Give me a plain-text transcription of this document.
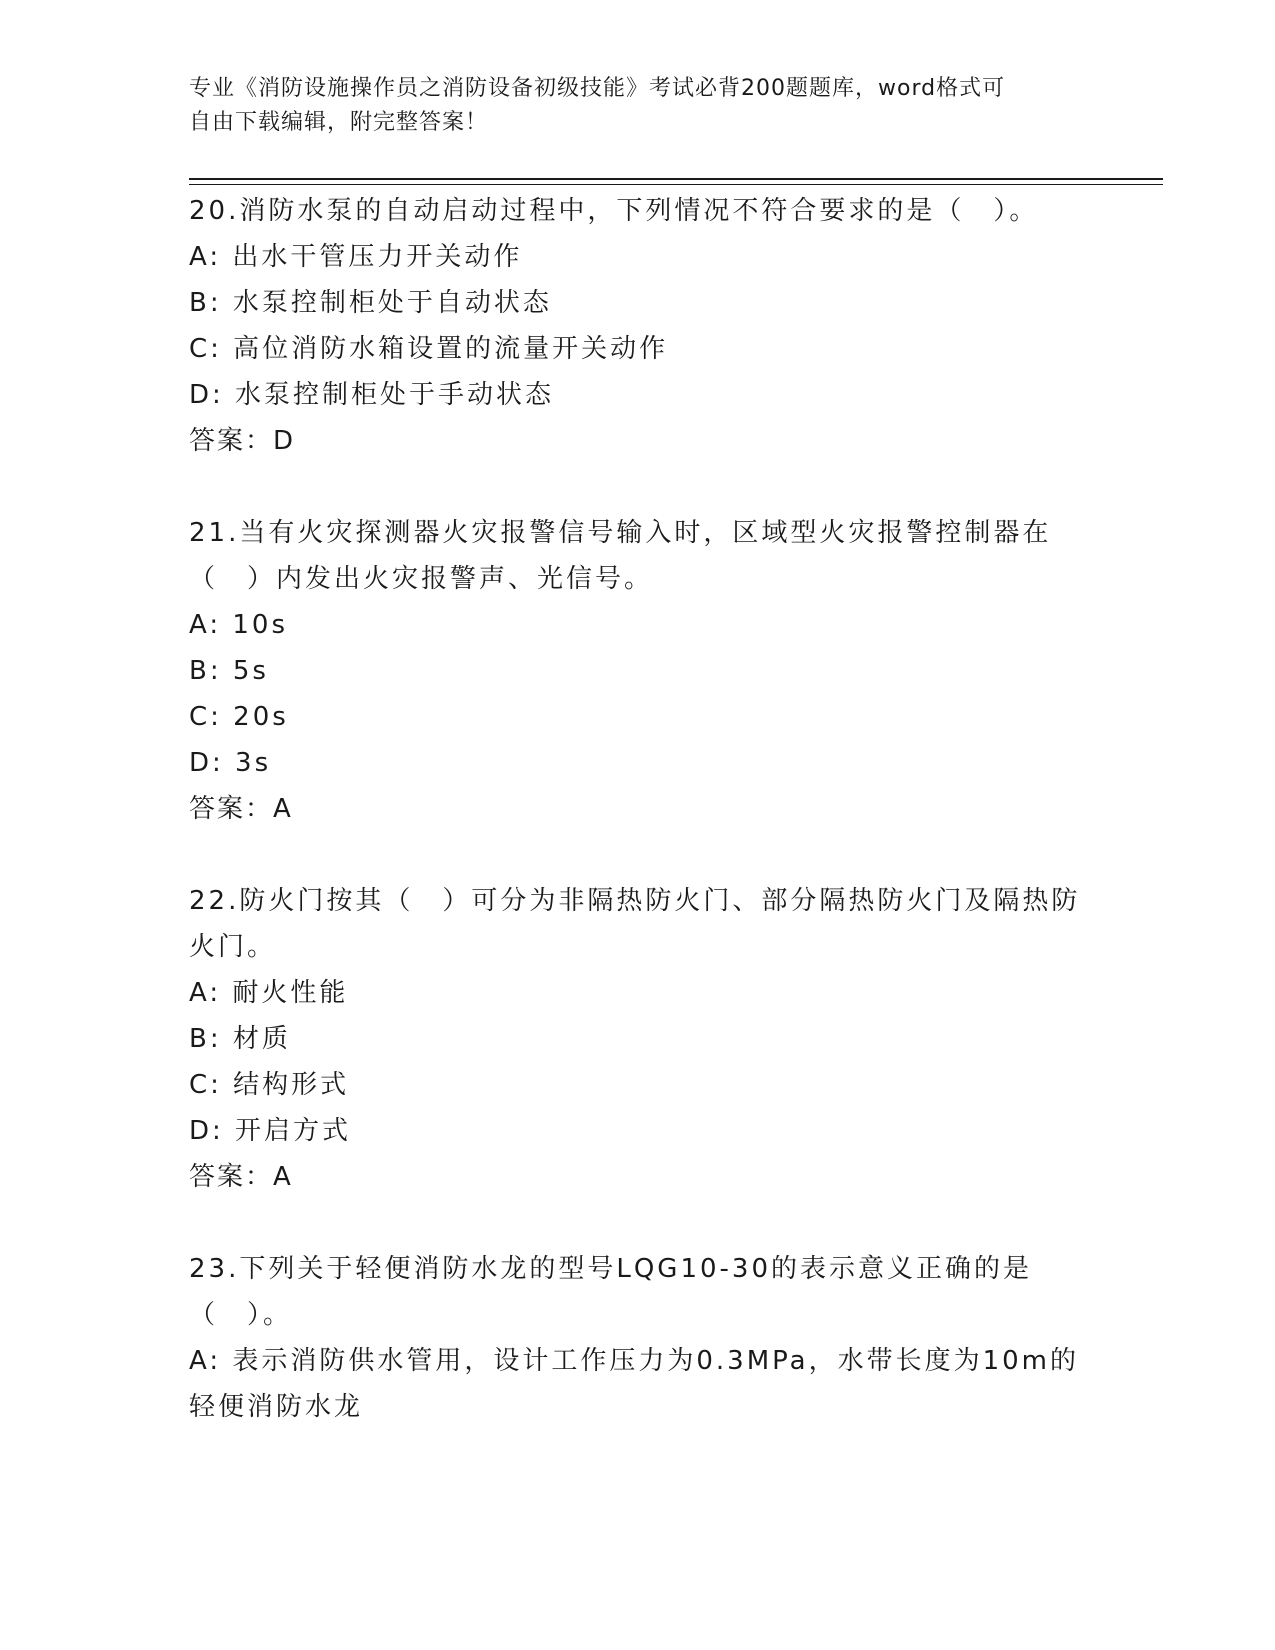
专业《消防设施操作员之消防设备初级技能》考试必背200题题库，word格式可
自由下载编辑，附完整答案！
20.消防水泵的自动启动过程中，下列情况不符合要求的是（　）。
A: 出水干管压力开关动作
B: 水泵控制柜处于自动状态
C: 高位消防水箱设置的流量开关动作
D: 水泵控制柜处于手动状态
答案：D
21.当有火灾探测器火灾报警信号输入时，区域型火灾报警控制器在（　）内发出火灾报警声、光信号。
A: 10s
B: 5s
C: 20s
D: 3s
答案：A
22.防火门按其（　）可分为非隔热防火门、部分隔热防火门及隔热防火门。
A: 耐火性能
B: 材质
C: 结构形式
D: 开启方式
答案：A
23.下列关于轻便消防水龙的型号LQG10-30的表示意义正确的是（　）。
A: 表示消防供水管用，设计工作压力为0.3MPa，水带长度为10m的轻便消防水龙
